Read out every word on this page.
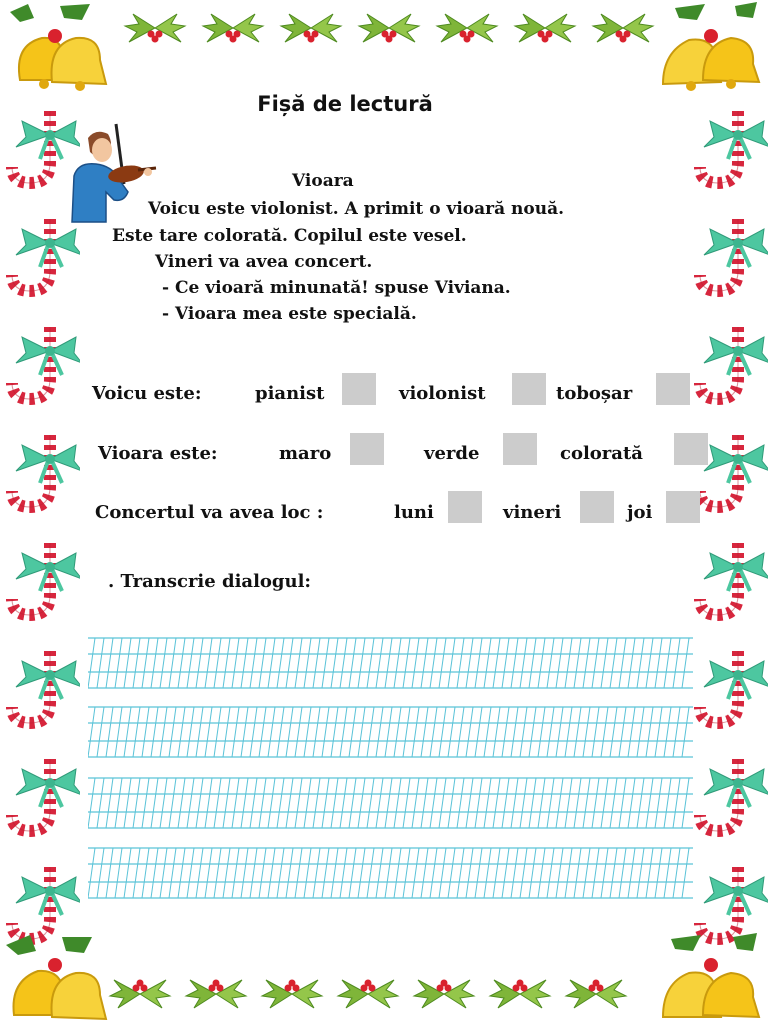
Fișă de lectură
Vioara
Voicu este violonist. A primit o vioară nouă.
Este tare colorată. Copilul este vesel.
Vineri va avea concert.
- Ce vioară minunată! spuse Viviana.
- Vioara mea este specială.
Voicu este:	pianist	violonist	toboșar
Vioara este:	maro	verde	colorată
Concertul va avea loc :	luni	vineri	joi
. Transcrie dialogul:
